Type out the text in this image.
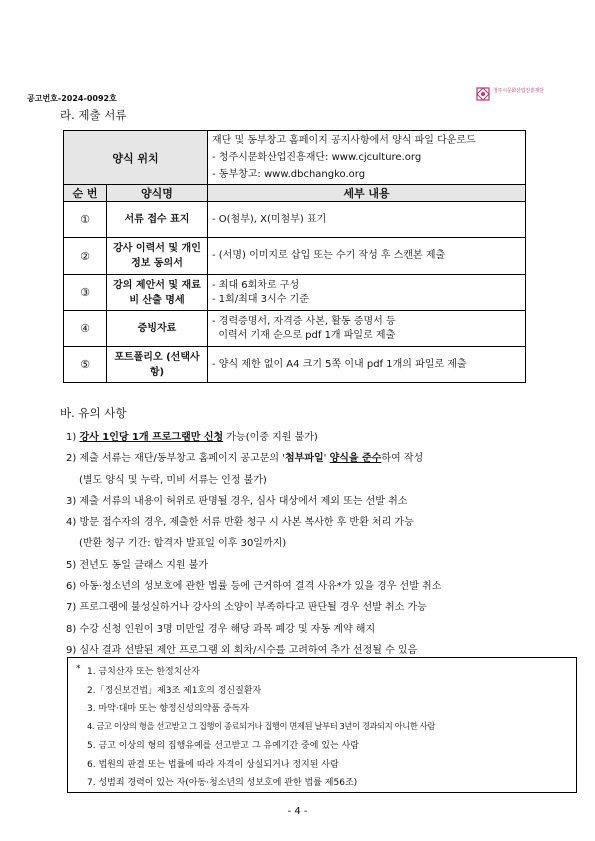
공고번호-2024-0092호
청주시문화산업진흥재단
라. 제출 서류
양식 위치		재단 및 동부창고 홈페이지 공지사항에서 양식 파일 다운로드
- 청주시문화산업진흥재단: www.cjculture.org
- 동부창고: www.dbchangko.org

순 번	양식명	세부 내용
①	서류 접수 표지	- O(첨부), X(미첨부) 표기

②	강사 이력서 및 개인정보 동의서	- (서명) 이미지로 삽입 또는 수기 작성 후 스캔본 제출

③	강의 제안서 및 재료비 산출 명세	- 최대 6회차로 구성
- 1회/최대 3시수 기준

④	증빙자료	- 경력증명서, 자격증 사본, 활동 증명서 등
이력서 기재 순으로 pdf 1개 파일로 제출

⑤	포트폴리오 (선택사항)	- 양식 제한 없이 A4 크기 5쪽 이내 pdf 1개의 파일로 제출
바. 유의 사항
1) 강사 1인당 1개 프로그램만 신청 가능(이중 지원 불가)
2) 제출 서류는 재단/동부창고 홈페이지 공고문의 '첨부파일' 양식을 준수하여 작성
(별도 양식 및 누락, 미비 서류는 인정 불가)
3) 제출 서류의 내용이 허위로 판명될 경우, 심사 대상에서 제외 또는 선발 취소
4) 방문 접수자의 경우, 제출한 서류 반환 청구 시 사본 복사한 후 반환 처리 가능
(반환 청구 기간: 합격자 발표일 이후 30일까지)
5) 전년도 동일 클래스 지원 불가
6) 아동·청소년의 성보호에 관한 법률 등에 근거하여 결격 사유*가 있을 경우 선발 취소
7) 프로그램에 불성실하거나 강사의 소양이 부족하다고 판단될 경우 선발 취소 가능
8) 수강 신청 인원이 3명 미만일 경우 해당 과목 폐강 및 자동 계약 해지
9) 심사 결과 선발된 제안 프로그램 외 회차/시수를 고려하여 추가 선정될 수 있음
* 1. 금치산자 또는 한정치산자
2.「정신보건법」제3조 제1호의 정신질환자
3. 마약·대마 또는 향정신성의약품 중독자
4. 금고 이상의 형을 선고받고 그 집행이 종료되거나 집행이 면제된 날부터 3년이 경과되지 아니한 사람
5. 금고 이상의 형의 집행유예를 선고받고 그 유예기간 중에 있는 사람
6. 법원의 판결 또는 법률에 따라 자격이 상실되거나 정지된 사람
7. 성범죄 경력이 있는 자(아동·청소년의 성보호에 관한 법률 제56조)
- 4 -
